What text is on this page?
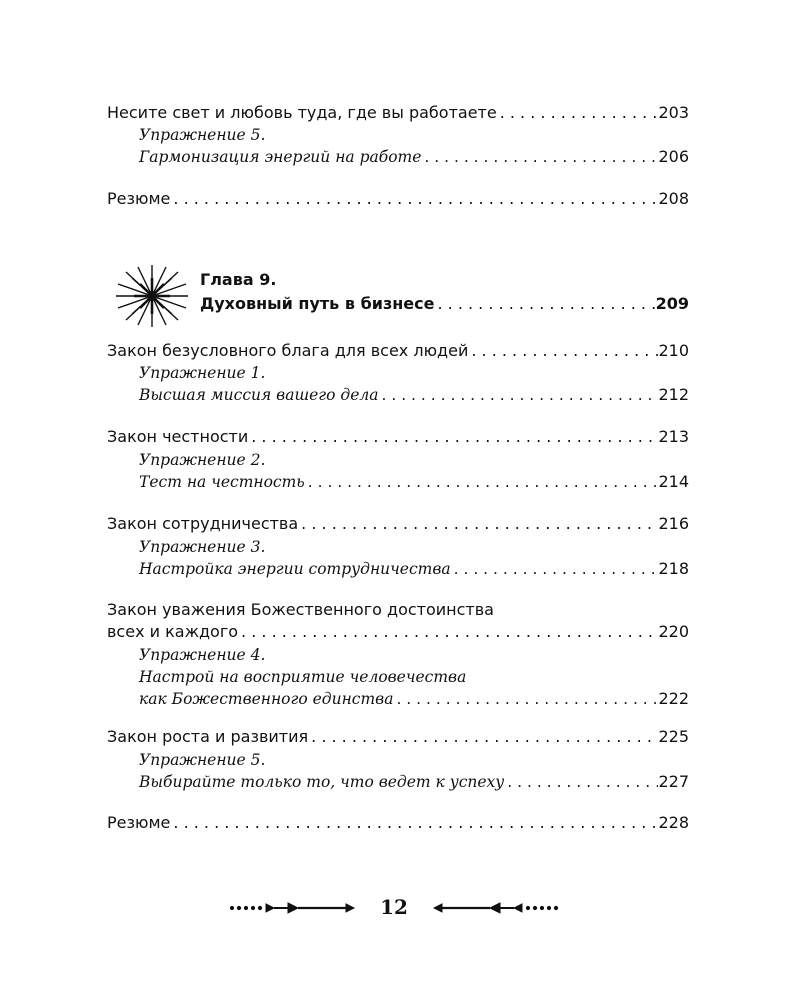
Несите свет и любовь туда, где вы работаете . . .	203
Упражнение 5.
Гармонизация энергий на работе . . .	206
Резюме . . .	208
Глава 9.
Духовный путь в бизнесе . . .	209
Закон безусловного блага для всех людей . . .	210
Упражнение 1.
Высшая миссия вашего дела . . .	212
Закон честности . . .	213
Упражнение 2.
Тест на честность . . .	214
Закон сотрудничества . . .	216
Упражнение 3.
Настройка энергии сотрудничества . . .	218
Закон уважения Божественного достоинства
всех и каждого . . .	220
Упражнение 4.
Настрой на восприятие человечества
как Божественного единства . . .	222
Закон роста и развития . . .	225
Упражнение 5.
Выбирайте только то, что ведет к успеху . . .	227
Резюме . . .	228
12
